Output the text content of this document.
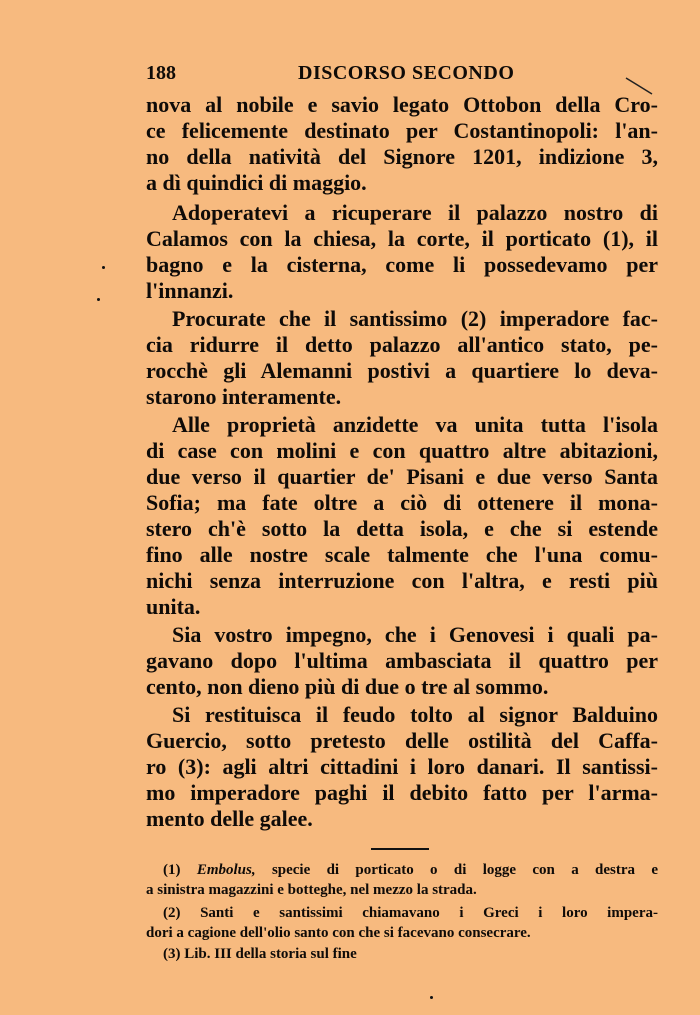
188	DISCORSO SECONDO
nova al nobile e savio legato Ottobon della Cro-
ce felicemente destinato per Costantinopoli: l'an-
no della natività del Signore 1201, indizione 3,
a dì quindici di maggio.
Adoperatevi a ricuperare il palazzo nostro di
Calamos con la chiesa, la corte, il porticato (1), il
bagno e la cisterna, come li possedevamo per
l'innanzi.
Procurate che il santissimo (2) imperadore fac-
cia ridurre il detto palazzo all'antico stato, pe-
rocchè gli Alemanni postivi a quartiere lo deva-
starono interamente.
Alle proprietà anzidette va unita tutta l'isola
di case con molini e con quattro altre abitazioni,
due verso il quartier de' Pisani e due verso Santa
Sofia; ma fate oltre a ciò di ottenere il mona-
stero ch'è sotto la detta isola, e che si estende
fino alle nostre scale talmente che l'una comu-
nichi senza interruzione con l'altra, e resti più
unita.
Sia vostro impegno, che i Genovesi i quali pa-
gavano dopo l'ultima ambasciata il quattro per
cento, non dieno più di due o tre al sommo.
Si restituisca il feudo tolto al signor Balduino
Guercio, sotto pretesto delle ostilità del Caffa-
ro (3): agli altri cittadini i loro danari. Il santissi-
mo imperadore paghi il debito fatto per l'arma-
mento delle galee.
(1) Embolus, specie di porticato o di logge con a destra e
a sinistra magazzini e botteghe, nel mezzo la strada.
(2) Santi e santissimi chiamavano i Greci i loro impera-
dori a cagione dell'olio santo con che si facevano consecrare.
(3) Lib. III della storia sul fine
